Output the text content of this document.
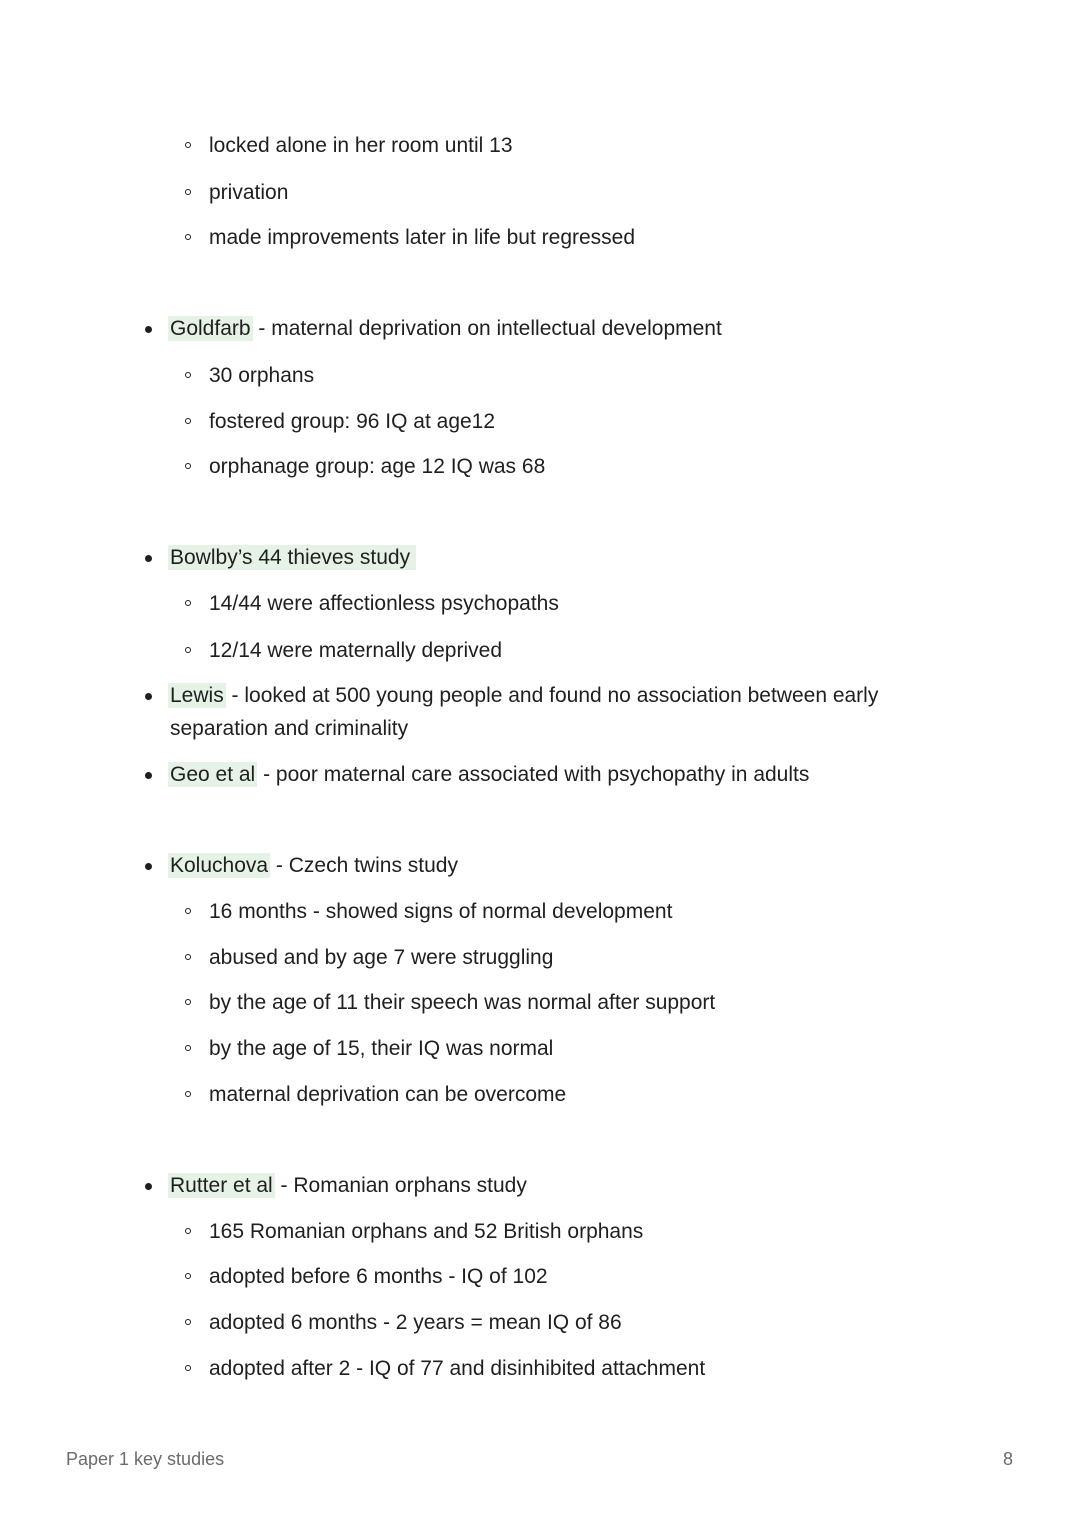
locked alone in her room until 13
privation
made improvements later in life but regressed
Goldfarb - maternal deprivation on intellectual development
30 orphans
fostered group: 96 IQ at age12
orphanage group: age 12 IQ was 68
Bowlby’s 44 thieves study
14/44 were affectionless psychopaths
12/14 were maternally deprived
Lewis - looked at 500 young people and found no association between early
separation and criminality
Geo et al - poor maternal care associated with psychopathy in adults
Koluchova - Czech twins study
16 months - showed signs of normal development
abused and by age 7 were struggling
by the age of 11 their speech was normal after support
by the age of 15, their IQ was normal
maternal deprivation can be overcome
Rutter et al - Romanian orphans study
165 Romanian orphans and 52 British orphans
adopted before 6 months - IQ of 102
adopted 6 months - 2 years = mean IQ of 86
adopted after 2 - IQ of 77 and disinhibited attachment
Paper 1 key studies	8
